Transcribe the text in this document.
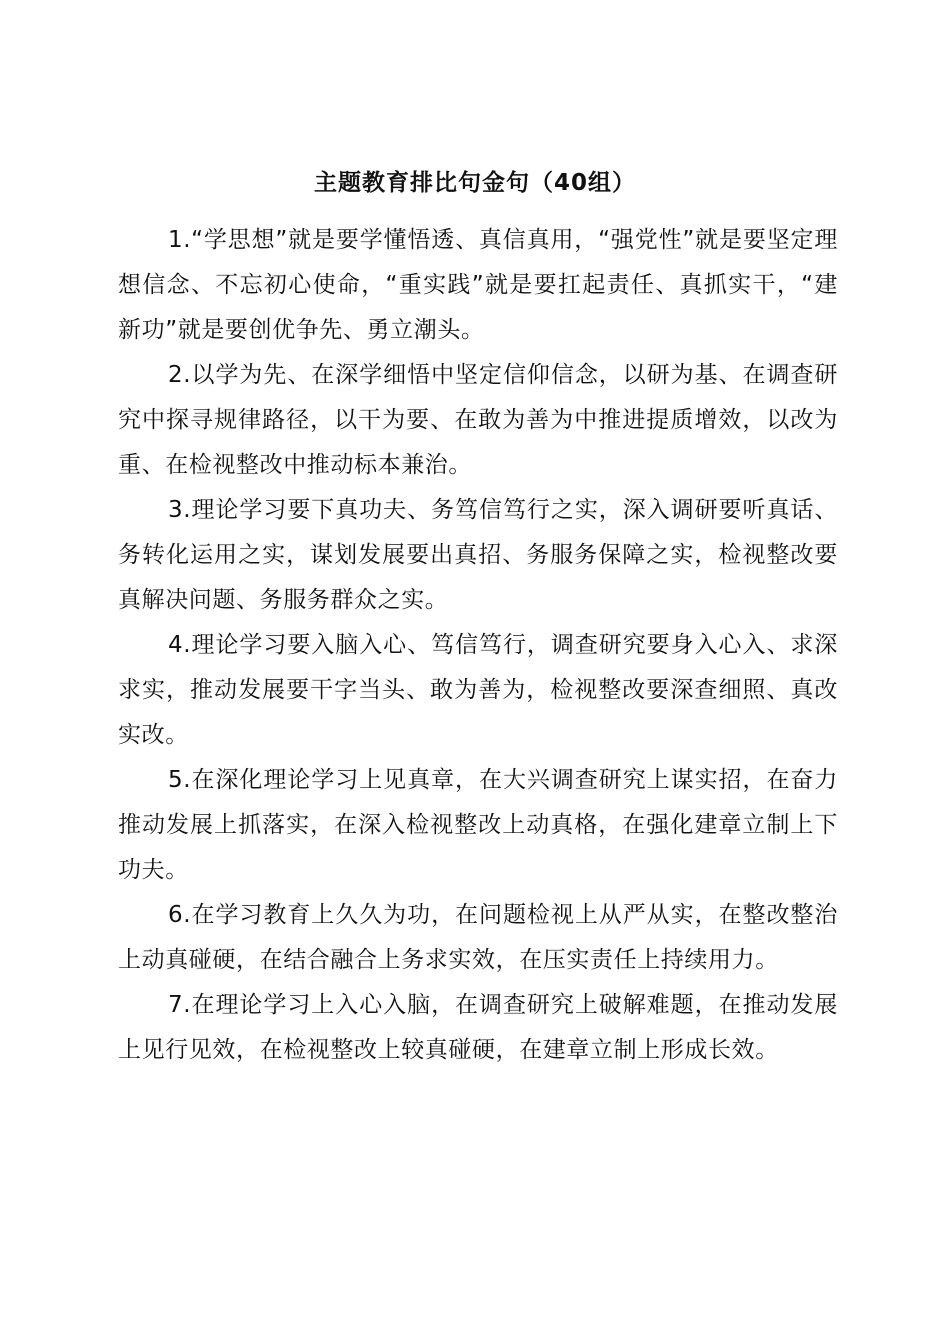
主题教育排比句金句（40组）

1.“学思想”就是要学懂悟透、真信真用，“强党性”就是要坚定理想信念、不忘初心使命，“重实践”就是要扛起责任、真抓实干，“建新功”就是要创优争先、勇立潮头。

2.以学为先、在深学细悟中坚定信仰信念，以研为基、在调查研究中探寻规律路径，以干为要、在敢为善为中推进提质增效，以改为重、在检视整改中推动标本兼治。

3.理论学习要下真功夫、务笃信笃行之实，深入调研要听真话、务转化运用之实，谋划发展要出真招、务服务保障之实，检视整改要真解决问题、务服务群众之实。

4.理论学习要入脑入心、笃信笃行，调查研究要身入心入、求深求实，推动发展要干字当头、敢为善为，检视整改要深查细照、真改实改。

5.在深化理论学习上见真章，在大兴调查研究上谋实招，在奋力推动发展上抓落实，在深入检视整改上动真格，在强化建章立制上下功夫。

6.在学习教育上久久为功，在问题检视上从严从实，在整改整治上动真碰硬，在结合融合上务求实效，在压实责任上持续用力。

7.在理论学习上入心入脑，在调查研究上破解难题，在推动发展上见行见效，在检视整改上较真碰硬，在建章立制上形成长效。
